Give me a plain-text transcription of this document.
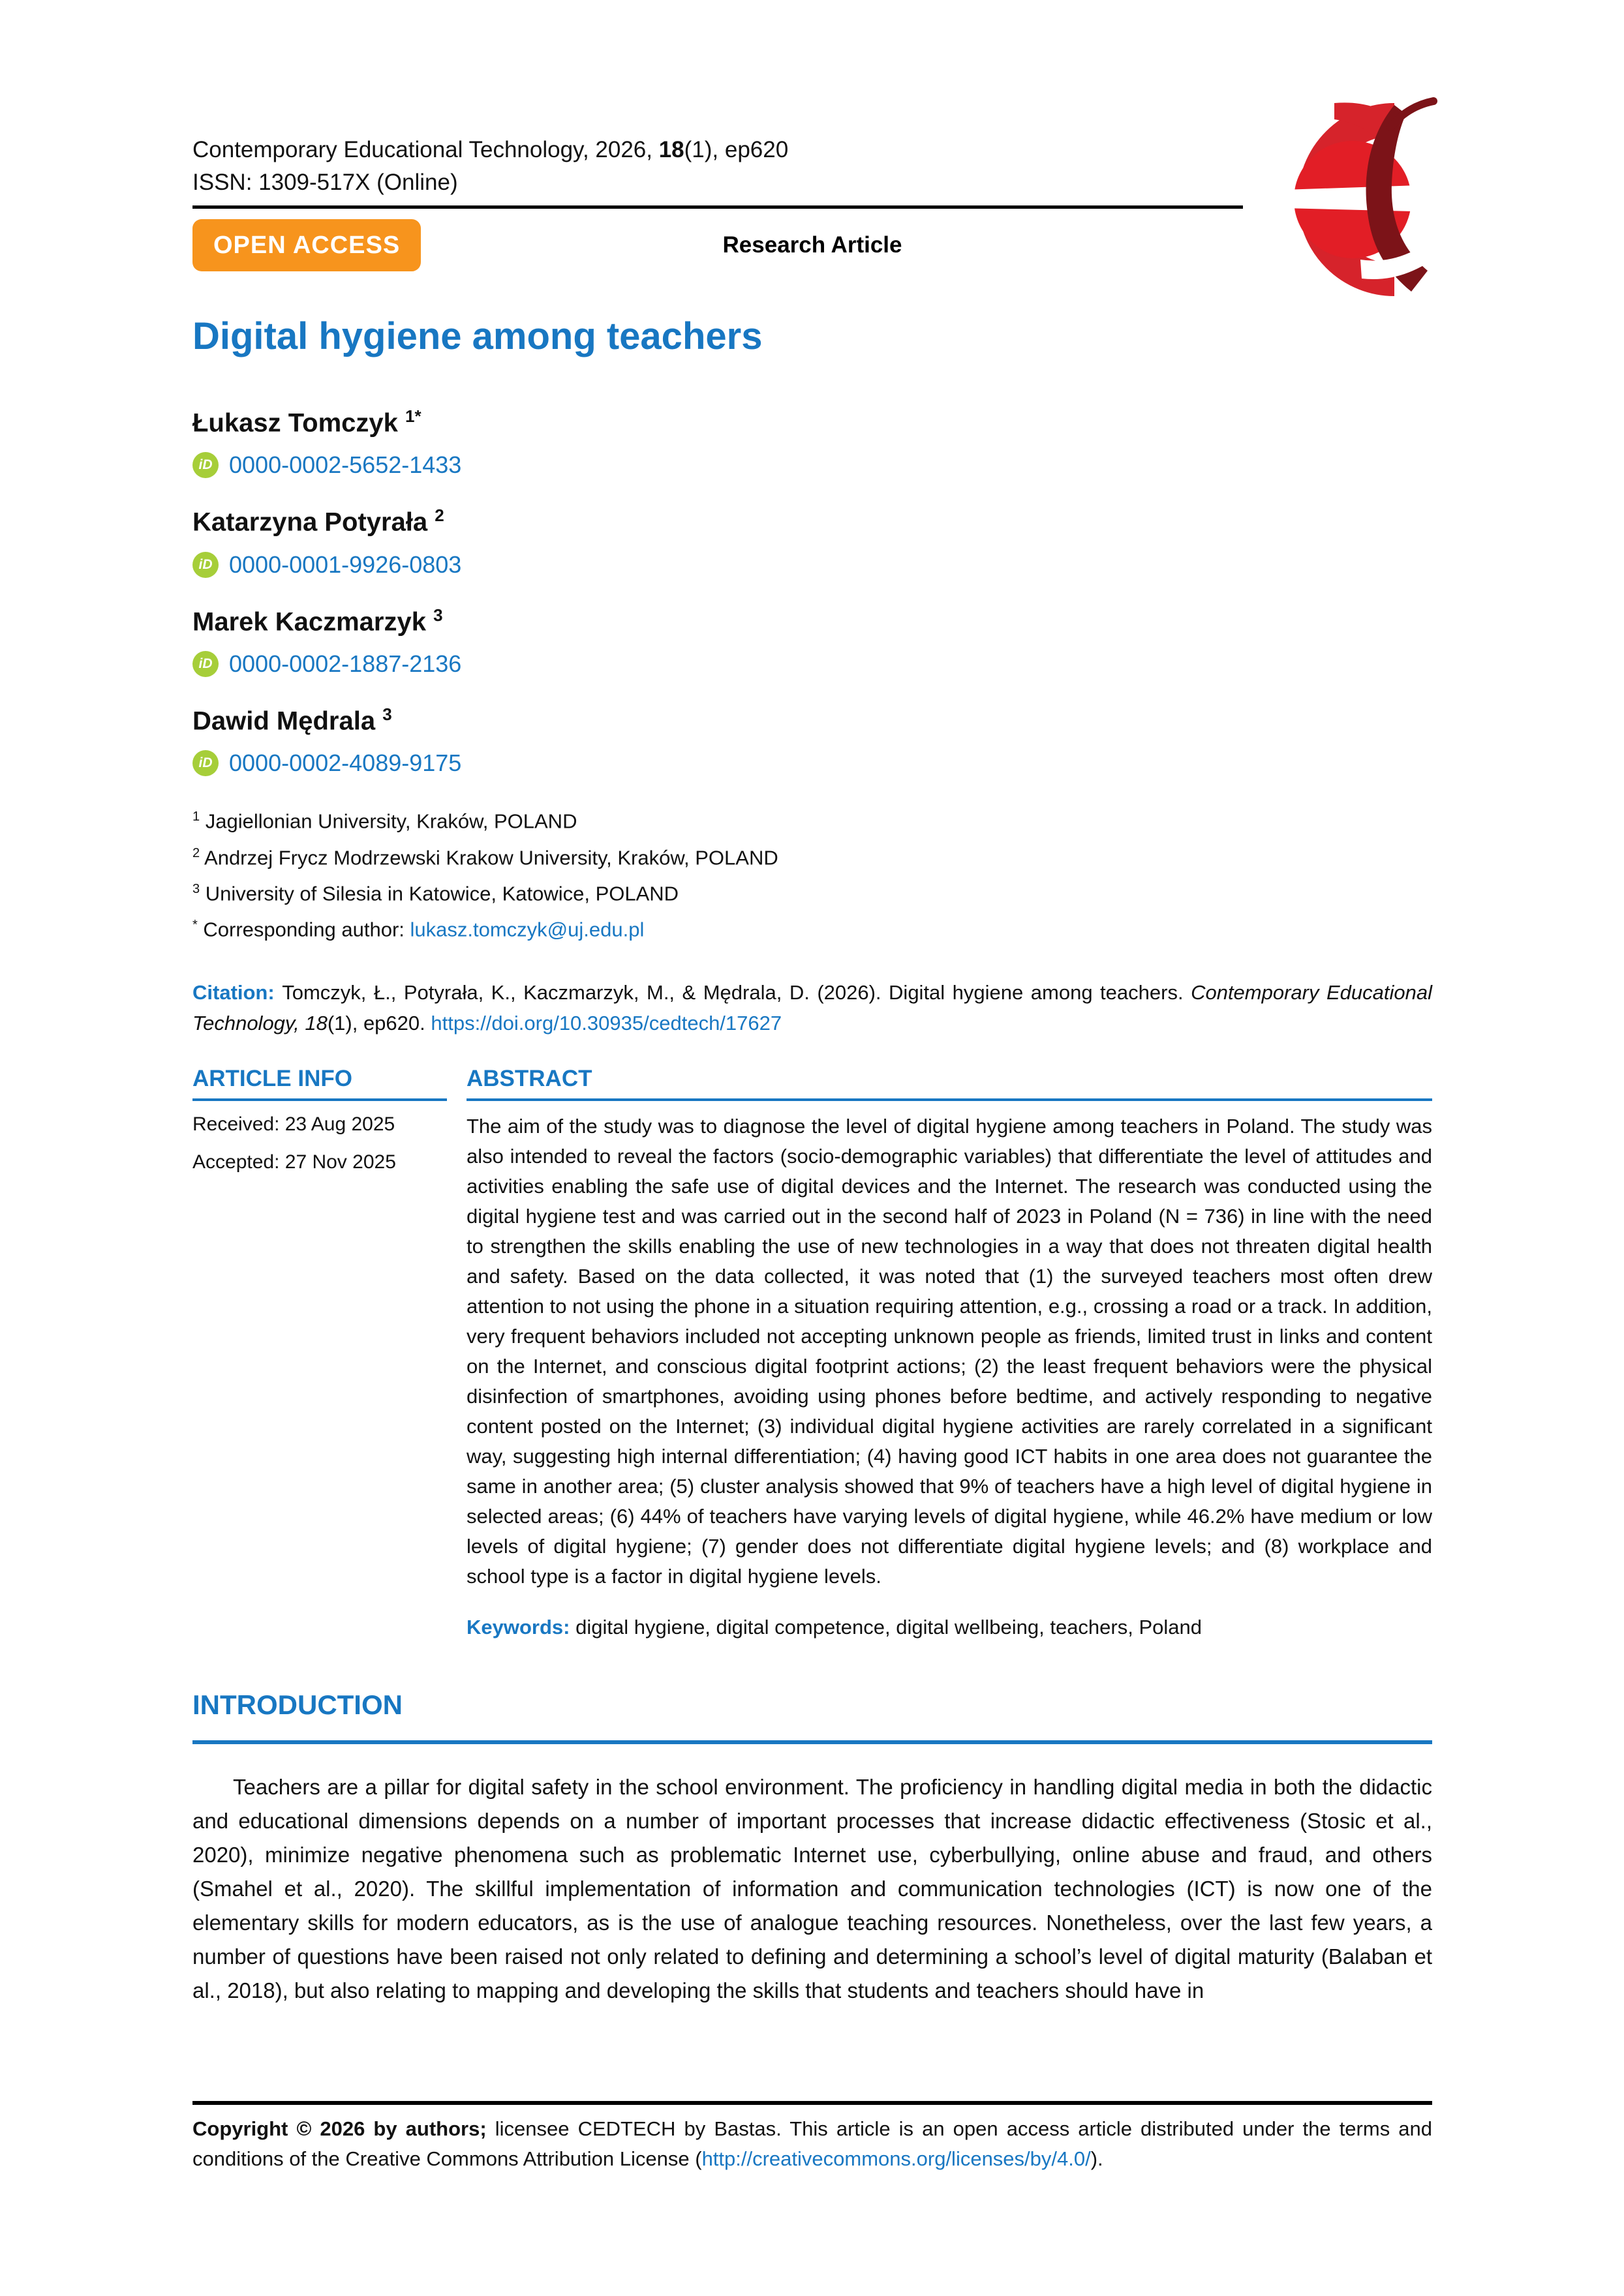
Contemporary Educational Technology, 2026, 18(1), ep620
ISSN: 1309-517X (Online)
OPEN ACCESS	Research Article
Digital hygiene among teachers
Łukasz Tomczyk $^{1*}$
iD 0000-0002-5652-1433
Katarzyna Potyrała $^2$
iD 0000-0001-9926-0803
Marek Kaczmarzyk $^3$
iD 0000-0002-1887-2136
Dawid Mędrala $^3$
iD 0000-0002-4089-9175
$^1$ Jagiellonian University, Kraków, POLAND
$^2$ Andrzej Frycz Modrzewski Krakow University, Kraków, POLAND
$^3$ University of Silesia in Katowice, Katowice, POLAND
* Corresponding author: lukasz.tomczyk@uj.edu.pl

Citation: Tomczyk, Ł., Potyrała, K., Kaczmarzyk, M., & Mędrala, D. (2026). Digital hygiene among teachers. Contemporary Educational Technology, 18(1), ep620. https://doi.org/10.30935/cedtech/17627

ARTICLE INFO
Received: 23 Aug 2025
Accepted: 27 Nov 2025
ABSTRACT

The aim of the study was to diagnose the level of digital hygiene among teachers in Poland. The study was also intended to reveal the factors (socio-demographic variables) that differentiate the level of attitudes and activities enabling the safe use of digital devices and the Internet. The research was conducted using the digital hygiene test and was carried out in the second half of 2023 in Poland (N = 736) in line with the need to strengthen the skills enabling the use of new technologies in a way that does not threaten digital health and safety. Based on the data collected, it was noted that (1) the surveyed teachers most often drew attention to not using the phone in a situation requiring attention, e.g., crossing a road or a track. In addition, very frequent behaviors included not accepting unknown people as friends, limited trust in links and content on the Internet, and conscious digital footprint actions; (2) the least frequent behaviors were the physical disinfection of smartphones, avoiding using phones before bedtime, and actively responding to negative content posted on the Internet; (3) individual digital hygiene activities are rarely correlated in a significant way, suggesting high internal differentiation; (4) having good ICT habits in one area does not guarantee the same in another area; (5) cluster analysis showed that 9% of teachers have a high level of digital hygiene in selected areas; (6) 44% of teachers have varying levels of digital hygiene, while 46.2% have medium or low levels of digital hygiene; (7) gender does not differentiate digital hygiene levels; and (8) workplace and school type is a factor in digital hygiene levels.

Keywords: digital hygiene, digital competence, digital wellbeing, teachers, Poland

INTRODUCTION

Teachers are a pillar for digital safety in the school environment. The proficiency in handling digital media in both the didactic and educational dimensions depends on a number of important processes that increase didactic effectiveness (Stosic et al., 2020), minimize negative phenomena such as problematic Internet use, cyberbullying, online abuse and fraud, and others (Smahel et al., 2020). The skillful implementation of information and communication technologies (ICT) is now one of the elementary skills for modern educators, as is the use of analogue teaching resources. Nonetheless, over the last few years, a number of questions have been raised not only related to defining and determining a school’s level of digital maturity (Balaban et al., 2018), but also relating to mapping and developing the skills that students and teachers should have in

Copyright © 2026 by authors; licensee CEDTECH by Bastas. This article is an open access article distributed under the terms and conditions of the Creative Commons Attribution License (http://creativecommons.org/licenses/by/4.0/).
